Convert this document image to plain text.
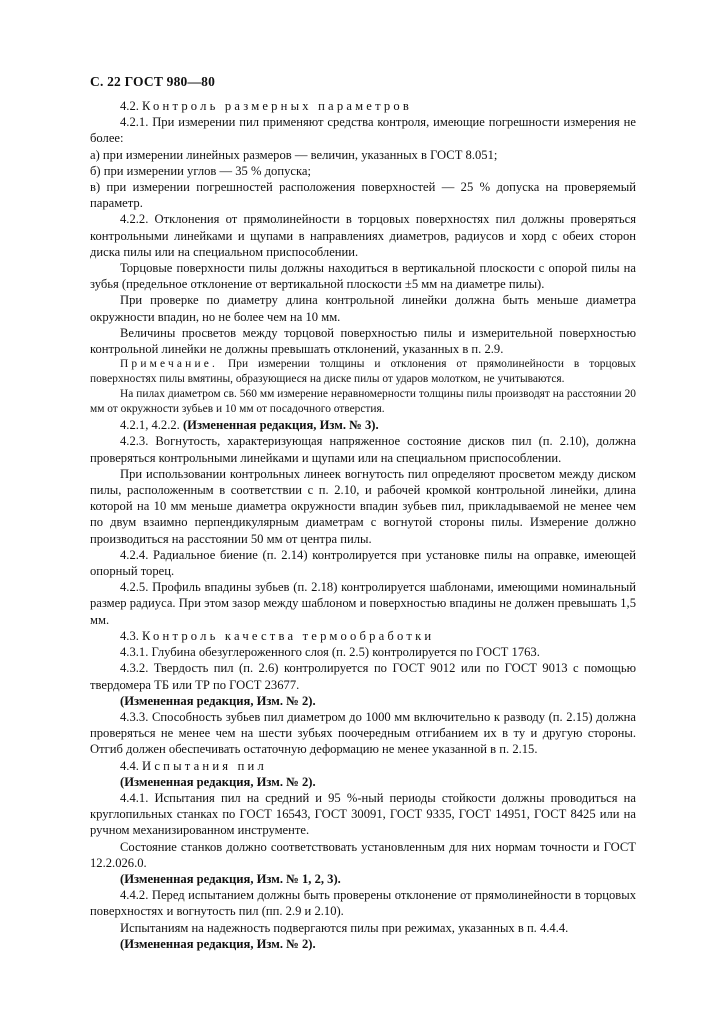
С. 22 ГОСТ 980—80

4.2. Контроль размерных параметров

4.2.1. При измерении пил применяют средства контроля, имеющие погрешности измерения не более:

а) при измерении линейных размеров — величин, указанных в ГОСТ 8.051;

б) при измерении углов — 35 % допуска;

в) при измерении погрешностей расположения поверхностей — 25 % допуска на проверяемый параметр.

4.2.2. Отклонения от прямолинейности в торцовых поверхностях пил должны проверяться контрольными линейками и щупами в направлениях диаметров, радиусов и хорд с обеих сторон диска пилы или на специальном приспособлении.

Торцовые поверхности пилы должны находиться в вертикальной плоскости с опорой пилы на зубья (предельное отклонение от вертикальной плоскости ±5 мм на диаметре пилы).

При проверке по диаметру длина контрольной линейки должна быть меньше диаметра окружности впадин, но не более чем на 10 мм.

Величины просветов между торцовой поверхностью пилы и измерительной поверхностью контрольной линейки не должны превышать отклонений, указанных в п. 2.9.

Примечание. При измерении толщины и отклонения от прямолинейности в торцовых поверхностях пилы вмятины, образующиеся на диске пилы от ударов молотком, не учитываются.

На пилах диаметром св. 560 мм измерение неравномерности толщины пилы производят на расстоянии 20 мм от окружности зубьев и 10 мм от посадочного отверстия.

4.2.1, 4.2.2. (Измененная редакция, Изм. № 3).

4.2.3. Вогнутость, характеризующая напряженное состояние дисков пил (п. 2.10), должна проверяться контрольными линейками и щупами или на специальном приспособлении.

При использовании контрольных линеек вогнутость пил определяют просветом между диском пилы, расположенным в соответствии с п. 2.10, и рабочей кромкой контрольной линейки, длина которой на 10 мм меньше диаметра окружности впадин зубьев пил, прикладываемой не менее чем по двум взаимно перпендикулярным диаметрам с вогнутой стороны пилы. Измерение должно производиться на расстоянии 50 мм от центра пилы.

4.2.4. Радиальное биение (п. 2.14) контролируется при установке пилы на оправке, имеющей опорный торец.

4.2.5. Профиль впадины зубьев (п. 2.18) контролируется шаблонами, имеющими номинальный размер радиуса. При этом зазор между шаблоном и поверхностью впадины не должен превышать 1,5 мм.

4.3. Контроль качества термообработки

4.3.1. Глубина обезуглероженного слоя (п. 2.5) контролируется по ГОСТ 1763.

4.3.2. Твердость пил (п. 2.6) контролируется по ГОСТ 9012 или по ГОСТ 9013 с помощью твердомера ТБ или ТР по ГОСТ 23677.

(Измененная редакция, Изм. № 2).

4.3.3. Способность зубьев пил диаметром до 1000 мм включительно к разводу (п. 2.15) должна проверяться не менее чем на шести зубьях поочередным отгибанием их в ту и другую стороны. Отгиб должен обеспечивать остаточную деформацию не менее указанной в п. 2.15.

4.4. Испытания пил

(Измененная редакция, Изм. № 2).

4.4.1. Испытания пил на средний и 95 %-ный периоды стойкости должны проводиться на круглопильных станках по ГОСТ 16543, ГОСТ 30091, ГОСТ 9335, ГОСТ 14951, ГОСТ 8425 или на ручном механизированном инструменте.

Состояние станков должно соответствовать установленным для них нормам точности и ГОСТ 12.2.026.0.

(Измененная редакция, Изм. № 1, 2, 3).

4.4.2. Перед испытанием должны быть проверены отклонение от прямолинейности в торцовых поверхностях и вогнутость пил (пп. 2.9 и 2.10).

Испытаниям на надежность подвергаются пилы при режимах, указанных в п. 4.4.4.

(Измененная редакция, Изм. № 2).
